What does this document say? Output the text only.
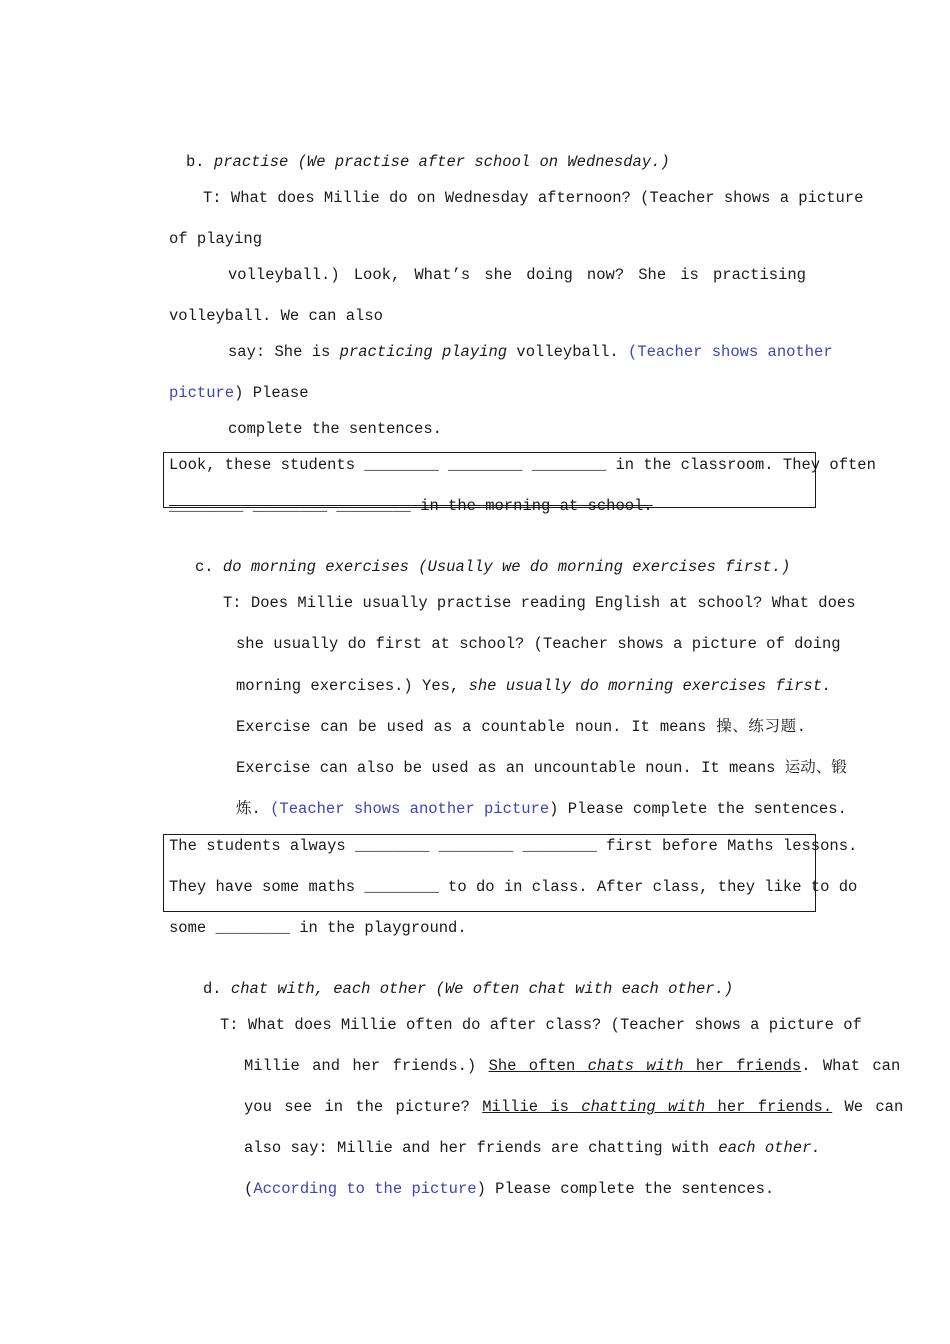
b. practise (We practise after school on Wednesday.)
T: What does Millie do on Wednesday afternoon? (Teacher shows a picture
of playing
volleyball.) Look, What’s she doing now? She is practising
volleyball. We can also
say: She is practicing playing volleyball. (Teacher shows another
picture) Please
complete the sentences.
Look, these students ________ ________ ________ in the classroom. They often
________ ________ ________ in the morning at school.
c. do morning exercises (Usually we do morning exercises first.)
T: Does Millie usually practise reading English at school? What does
she usually do first at school? (Teacher shows a picture of doing
morning exercises.) Yes, she usually do morning exercises first.
Exercise can be used as a countable noun. It means 操、练习题.
Exercise can also be used as an uncountable noun. It means 运动、锻
炼. (Teacher shows another picture) Please complete the sentences.
The students always ________ ________ ________ first before Maths lessons.
They have some maths ________ to do in class. After class, they like to do
some ________ in the playground.
d. chat with, each other (We often chat with each other.)
T: What does Millie often do after class? (Teacher shows a picture of
Millie and her friends.) She often chats with her friends. What can
you see in the picture? Millie is chatting with her friends. We can
also say: Millie and her friends are chatting with each other.
(According to the picture) Please complete the sentences.
